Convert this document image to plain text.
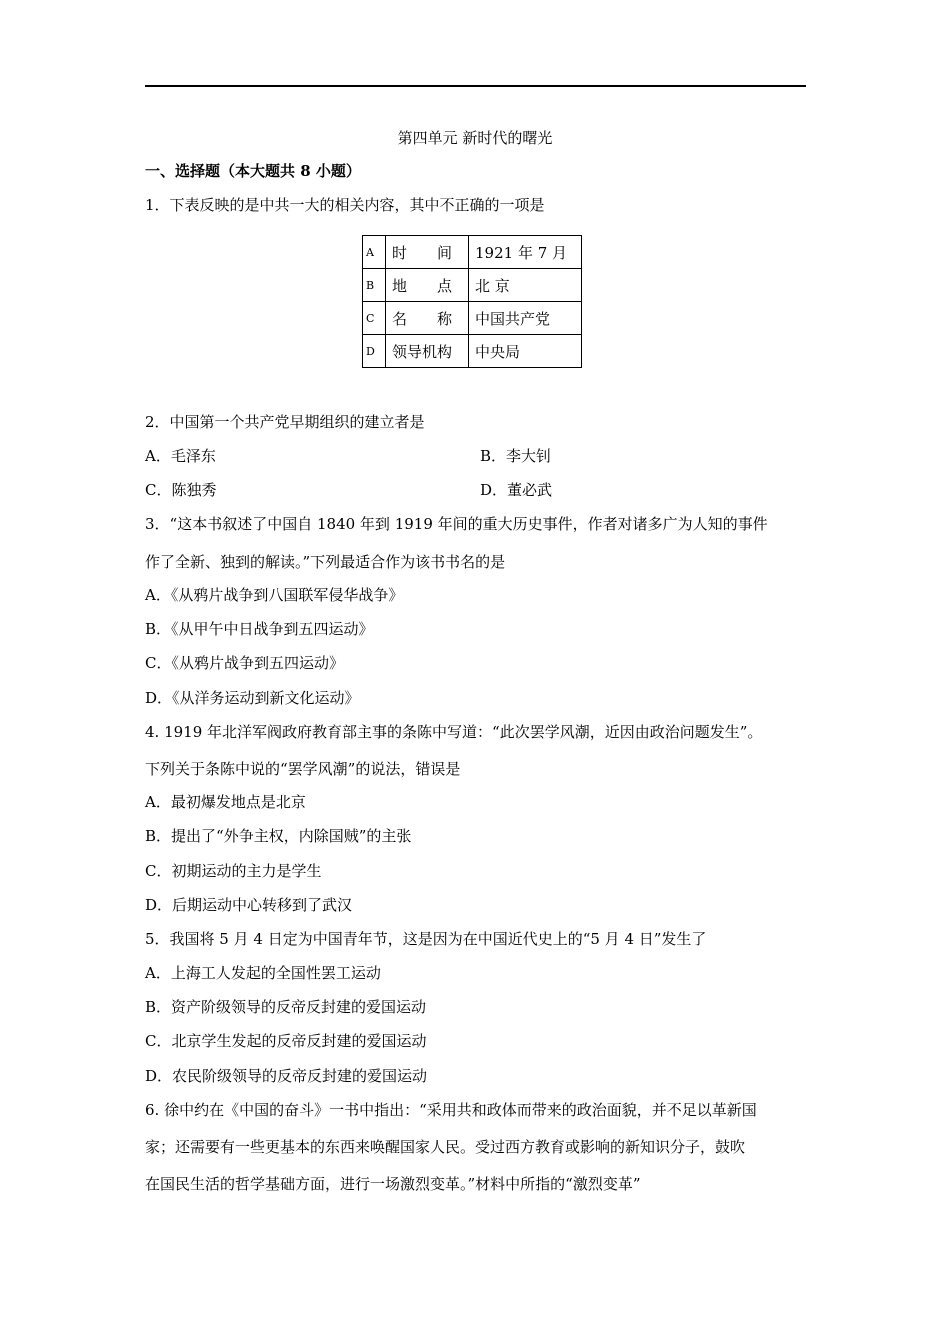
第四单元 新时代的曙光
一、选择题（本大题共 8 小题）
1．下表反映的是中共一大的相关内容，其中不正确的一项是
A	时　　间	1921 年 7 月
B	地　　点	北 京
C	名　　称	中国共产党
D	领导机构	中央局
2．中国第一个共产党早期组织的建立者是
A．毛泽东	B．李大钊
C．陈独秀	D．董必武
3．“这本书叙述了中国自 1840 年到 1919 年间的重大历史事件，作者对诸多广为人知的事件
作了全新、独到的解读。”下列最适合作为该书书名的是
A．《从鸦片战争到八国联军侵华战争》
B．《从甲午中日战争到五四运动》
C．《从鸦片战争到五四运动》
D．《从洋务运动到新文化运动》
4. 1919 年北洋军阀政府教育部主事的条陈中写道：“此次罢学风潮，近因由政治问题发生”。
下列关于条陈中说的“罢学风潮”的说法，错误是
A．最初爆发地点是北京
B．提出了“外争主权，内除国贼”的主张
C．初期运动的主力是学生
D．后期运动中心转移到了武汉
5．我国将 5 月 4 日定为中国青年节，这是因为在中国近代史上的“5 月 4 日”发生了
A．上海工人发起的全国性罢工运动
B．资产阶级领导的反帝反封建的爱国运动
C．北京学生发起的反帝反封建的爱国运动
D．农民阶级领导的反帝反封建的爱国运动
6. 徐中约在《中国的奋斗》一书中指出：“采用共和政体而带来的政治面貌，并不足以革新国
家；还需要有一些更基本的东西来唤醒国家人民。受过西方教育或影响的新知识分子，鼓吹
在国民生活的哲学基础方面，进行一场激烈变革。”材料中所指的“激烈变革”
